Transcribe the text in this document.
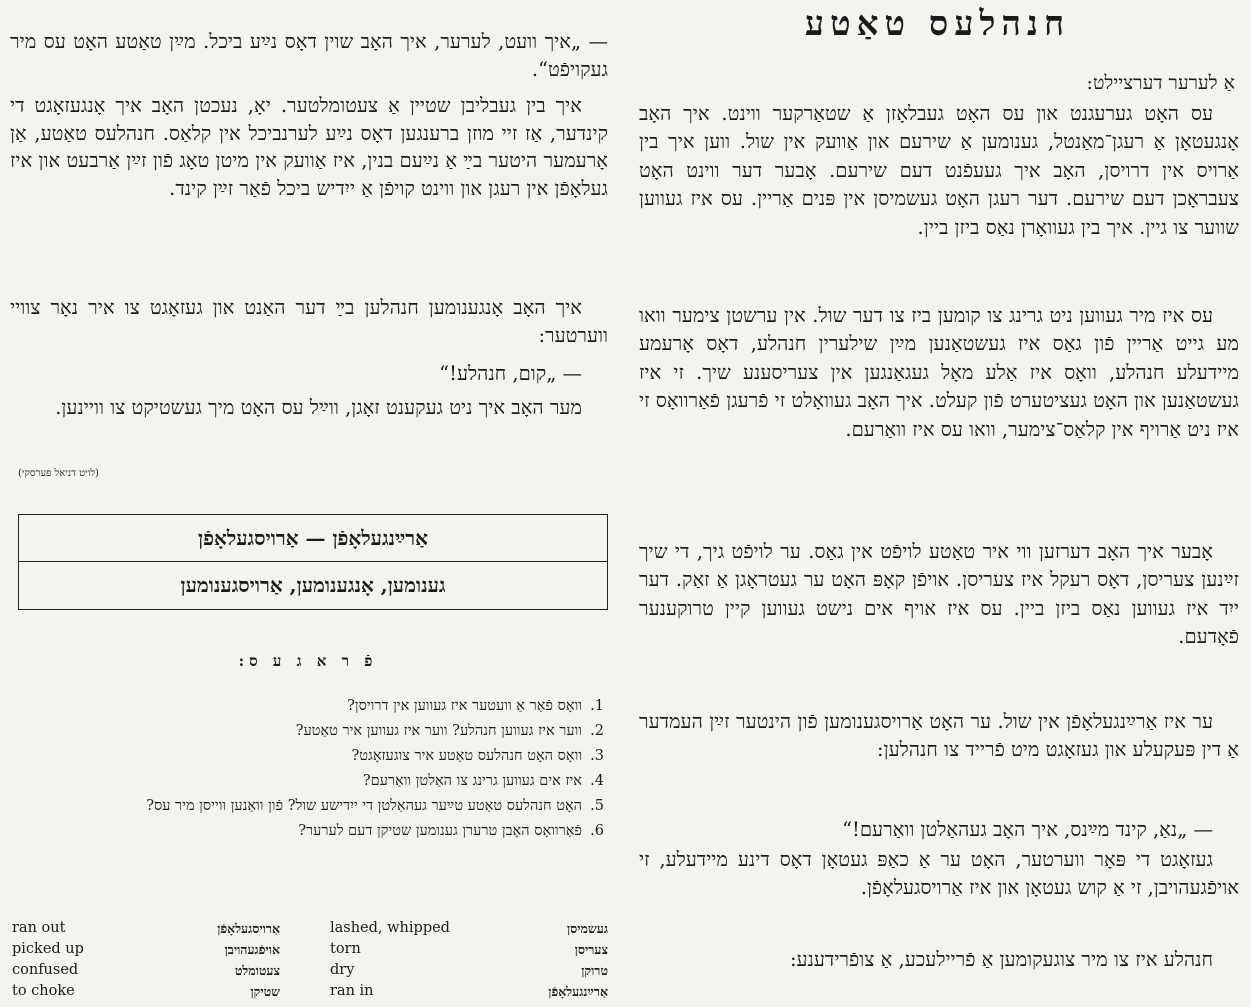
חנהלעס טאַטע
אַ לערער דערציילט:

עס האָט גערעגנט און עס האָט געבלאָזן אַ שטאַרקער ווינט. איך האָב אָנגעטאָן אַ רעגן־מאַנטל, גענומען אַ שירעם און אַוועק אין שול. ווען איך בין אַרויס אין דרויסן, האָב איך געעפֿנט דעם שירעם. אָבער דער ווינט האָט צעבראָכן דעם שירעם. דער רעגן האָט געשמיסן אין פּנים אַריין. עס איז געווען שווער צו גיין. איך בין געוואָרן נאַס ביזן ביין.

עס איז מיר געווען ניט גרינג צו קומען ביז צו דער שול. אין ערשטן צימער וואו מע גייט אַריין פֿון גאַס איז געשטאַנען מײַן שילערין חנהלע, דאָס אָרעמע מיידעלע חנהלע, וואָס איז אַלע מאָל געגאַנגען אין צעריסענע שיך. זי איז געשטאַנען און האָט געציטערט פֿון קעלט. איך האָב געוואָלט זי פֿרעגן פֿאַרוואָס זי איז ניט אַרויף אין קלאַס־צימער, וואו עס איז וואַרעם.

אָבער איך האָב דערזען ווי איר טאַטע לויפֿט אין גאַס. ער לויפֿט גיך, די שיך זײַנען צעריסן, דאָס רעקל איז צעריסן. אויפֿן קאָפּ האָט ער געטראָגן אַ זאַק. דער ייִד איז געווען נאַס ביזן ביין. עס איז אויף אים נישט געווען קיין טרוקענער פֿאָדעם.

ער איז אַרײַנגעלאָפֿן אין שול. ער האָט אַרויסגענומען פֿון הינטער זײַן העמדער אַ דין פּעקעלע און געזאָגט מיט פֿרייד צו חנהלען:

— „נאַ, קינד מײַנס, איך האָב געהאַלטן וואַרעם!“

געזאָגט די פּאָר ווערטער, האָט ער אַ כאַפּ געטאָן דאָס דינע מיידעלע, זי אויפֿגעהויבן, זי אַ קוש געטאָן און איז אַרויסגעלאָפֿן.

חנהלע איז צו מיר צוגעקומען אַ פֿריילעכע, אַ צופֿרידענע:

— „איך וועט, לערער, איך האָב שוין דאָס נײַע ביכל. מײַן טאַטע האָט עס מיר געקויפֿט“.

איך בין געבליבן שטיין אַ צעטומלטער. יאָ, נעכטן האָב איך אָנגעזאָגט די קינדער, אַז זיי מוזן ברענגען דאָס נײַע לערנביכל אין קלאַס. חנהלעס טאַטע, אַן אָרעמער היטער בײַ אַ נײַעם בנין, איז אַוועק אין מיטן טאָג פֿון זײַן אַרבעט און איז געלאָפֿן אין רעגן און ווינט קויפֿן אַ ייִדיש ביכל פֿאַר זײַן קינד.

איך האָב אָנגענומען חנהלען בײַ דער האַנט און געזאָגט צו איר נאָר צוויי ווערטער:

— „קום, חנהלע!“

מער האָב איך ניט געקענט זאָגן, ווײַל עס האָט מיך געשטיקט צו וויינען.

(לויט דניאל פערסקי)
אַרײַנגעלאָפֿן — אַרויסגעלאָפֿן
גענומען, אָנגענומען, אַרויסגענומען
פֿ ר א ג ע ס:
1.
וואָס פֿאַר אַ וועטער איז געווען אין דרויסן?
2.
ווער איז געווען חנהלע? ווער איז געווען איר טאַטע?
3.
וואָס האָט חנהלעס טאַטע איר צוגעזאָגט?
4.
איז אים געווען גרינג צו האַלטן וואַרעם?
5.
האָט חנהלעס טאַטע טײַער געהאַלטן די ייִדישע שול? פֿון וואַנען ווייסן מיר עס?
6.
פֿאַרוואָס האָבן טרערן גענומען שטיקן דעם לערער?
ran out
picked up
confused
to choke
אַרויסגעלאָפֿן
אויפֿגעהויבן
צעטומלט
שטיקן
lashed, whipped
torn
dry
ran in
געשמיסן
צעריסן
טרוקן
אַרײַנגעלאָפֿן
